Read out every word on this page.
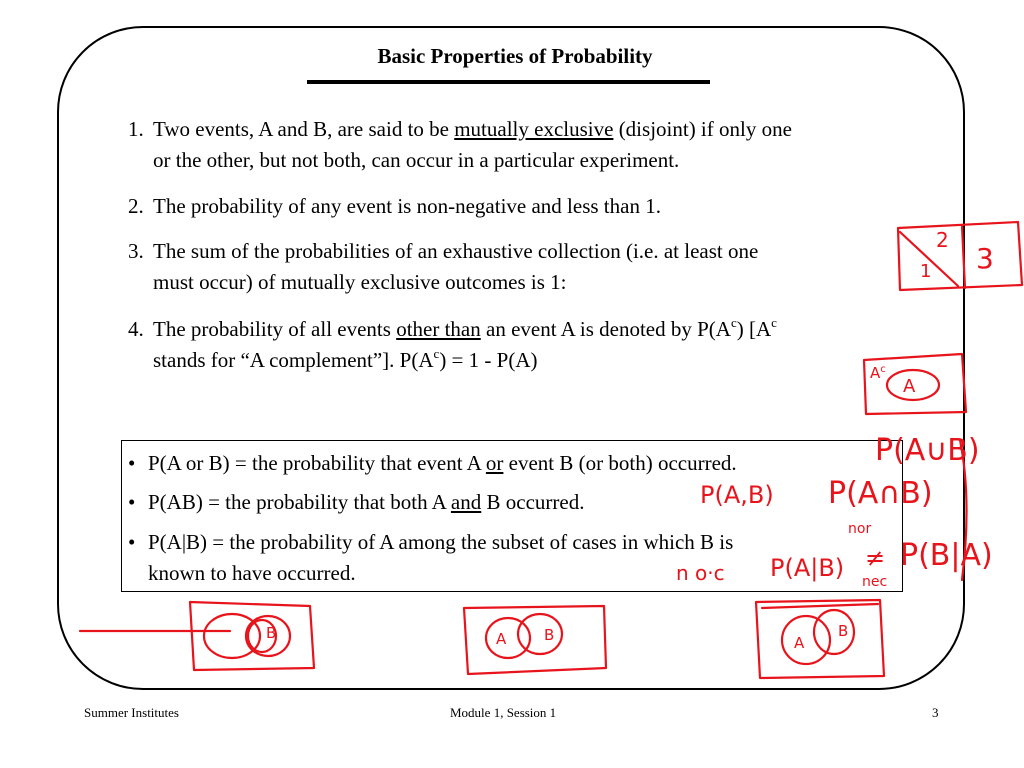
Basic Properties of Probability
1. Two events, A and B, are said to be mutually exclusive (disjoint) if only one
or the other, but not both, can occur in a particular experiment.
2. The probability of any event is non-negative and less than 1.
3. The sum of the probabilities of an exhaustive collection (i.e. at least one
must occur) of mutually exclusive outcomes is 1:
4. The probability of all events other than an event A is denoted by $P(A^c)$ [$A^c$
stands for “A complement”]. $P(A^c) = 1 - P(A)$
• P(A or B) = the probability that event A or event B (or both) occurred.
• P(AB) = the probability that both A and B occurred.
• P(A|B) = the probability of A among the subset of cases in which B is
known to have occurred.
2
1 3
$A^c$
A
P(A∪B)
P(A,B) P(A∩B)
n o·c P(A|B)
nor
≠
nec
P(B|A)
B	A	B	A
B
Summer Institutes	Module 1, Session 1	3
